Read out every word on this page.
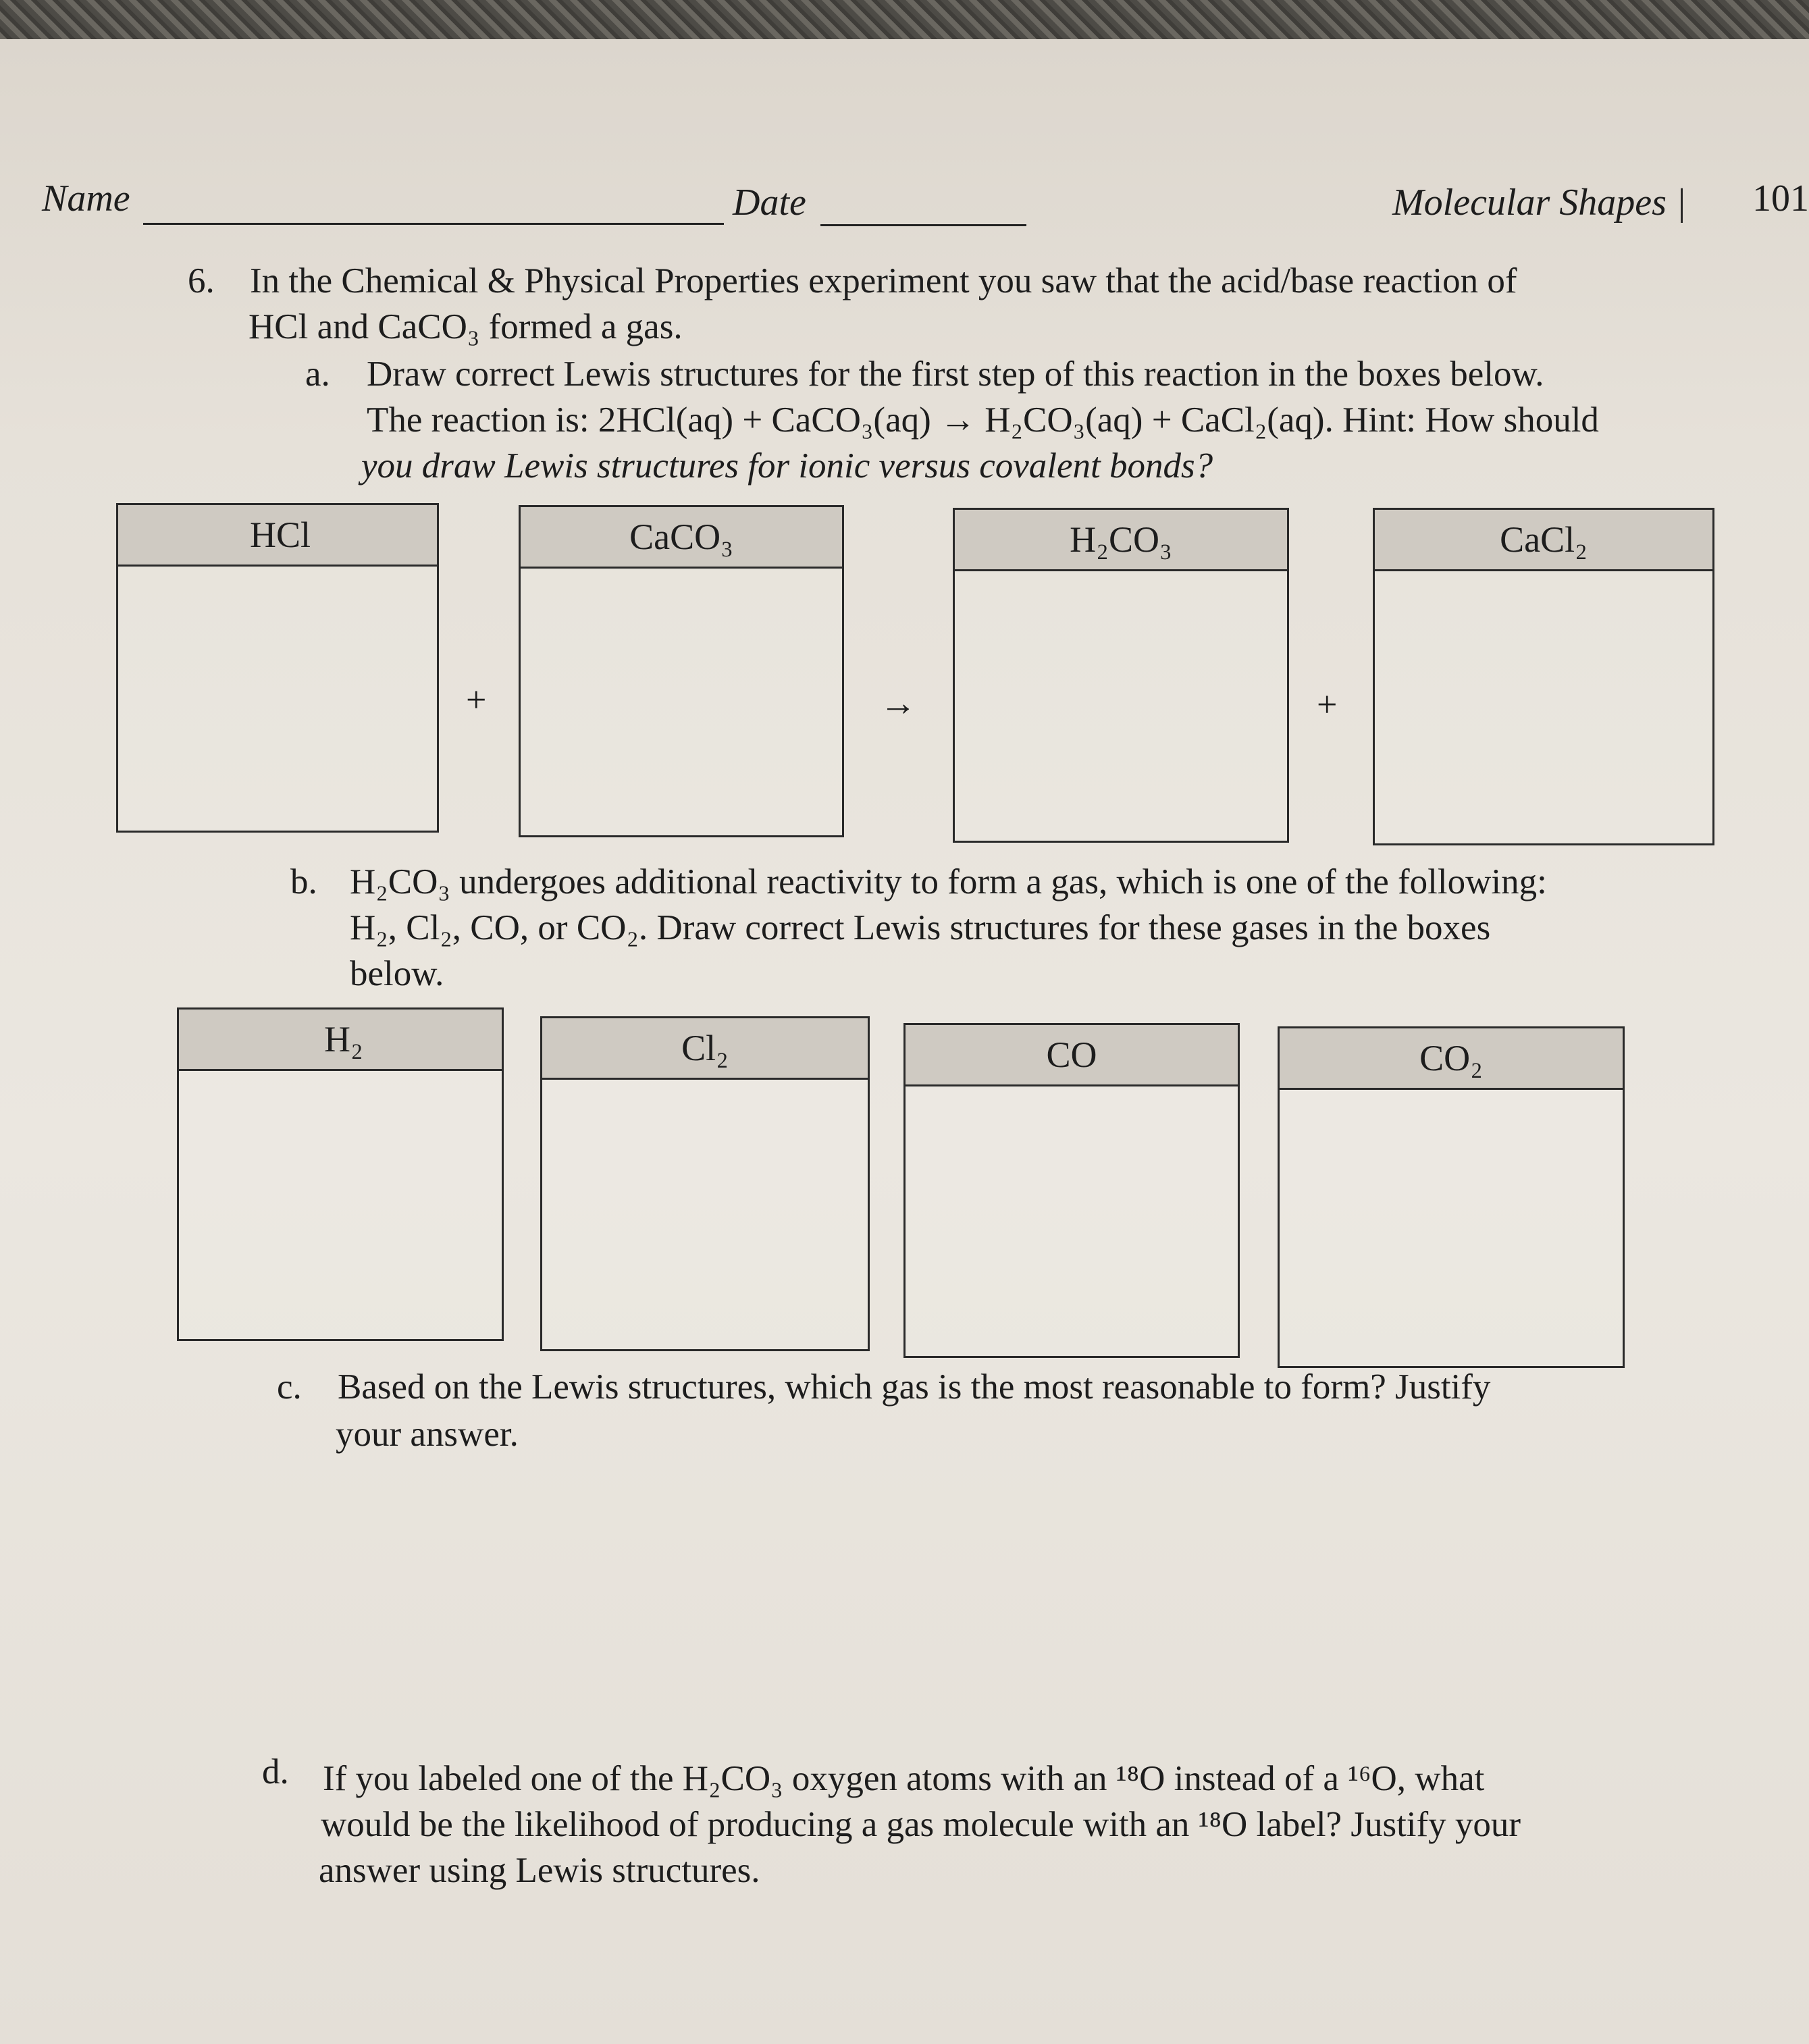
Name	Date	Molecular Shapes | 101
6. In the Chemical & Physical Properties experiment you saw that the acid/base reaction of
HCl and CaCO₃ formed a gas.
a. Draw correct Lewis structures for the first step of this reaction in the boxes below.
The reaction is: 2HCl(aq) + CaCO₃(aq) → H₂CO₃(aq) + CaCl₂(aq). Hint: How should
you draw Lewis structures for ionic versus covalent bonds?
HCl
+
CaCO₃
→
H₂CO₃
+
CaCl₂
b. H₂CO₃ undergoes additional reactivity to form a gas, which is one of the following:
H₂, Cl₂, CO, or CO₂. Draw correct Lewis structures for these gases in the boxes
below.
H₂	Cl₂	CO	CO₂
c. Based on the Lewis structures, which gas is the most reasonable to form? Justify
your answer.
d. If you labeled one of the H₂CO₃ oxygen atoms with an ¹⁸O instead of a ¹⁶O, what
would be the likelihood of producing a gas molecule with an ¹⁸O label? Justify your
answer using Lewis structures.
